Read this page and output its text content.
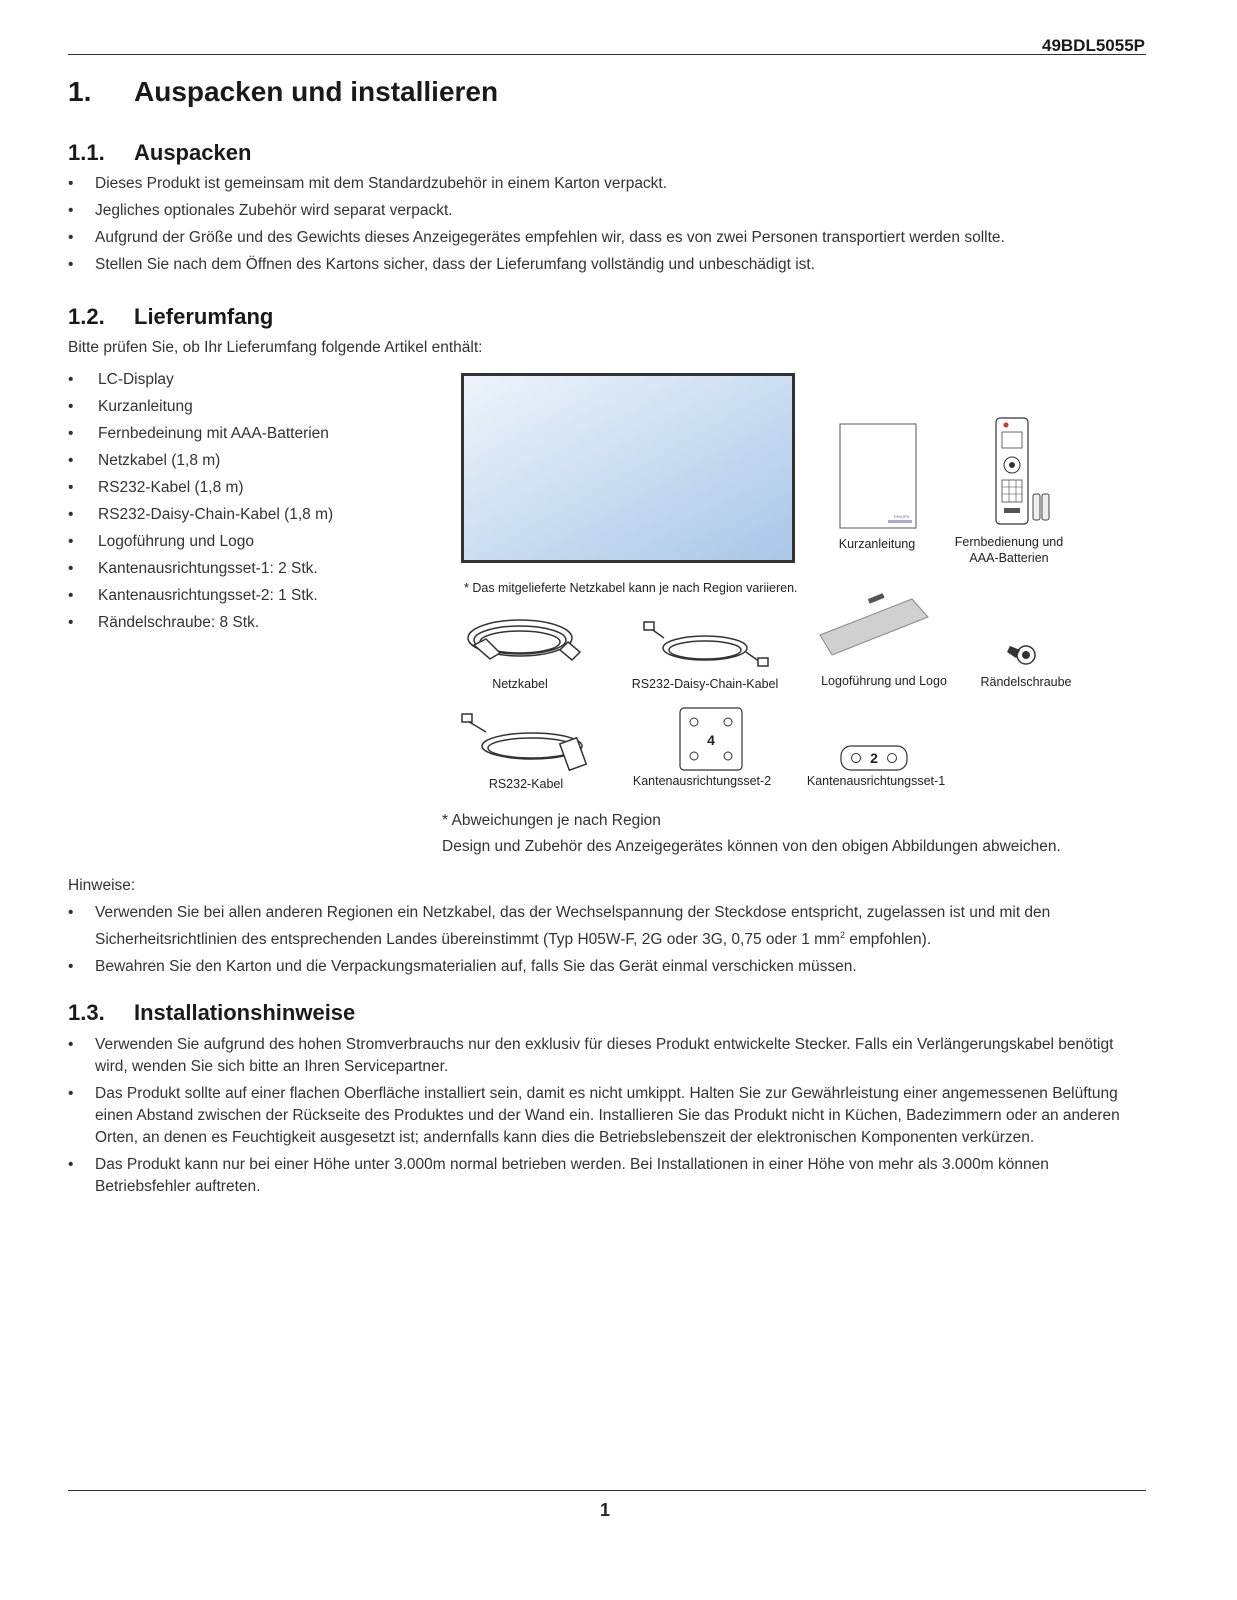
49BDL5055P
1. Auspacken und installieren
1.1. Auspacken
• Dieses Produkt ist gemeinsam mit dem Standardzubehör in einem Karton verpackt.
• Jegliches optionales Zubehör wird separat verpackt.
• Aufgrund der Größe und des Gewichts dieses Anzeigegerätes empfehlen wir, dass es von zwei Personen transportiert werden sollte.
• Stellen Sie nach dem Öffnen des Kartons sicher, dass der Lieferumfang vollständig und unbeschädigt ist.
1.2. Lieferumfang
Bitte prüfen Sie, ob Ihr Lieferumfang folgende Artikel enthält:
• LC-Display
• Kurzanleitung
• Fernbedeinung mit AAA-Batterien
• Netzkabel (1,8 m)
• RS232-Kabel (1,8 m)
• RS232-Daisy-Chain-Kabel (1,8 m)
• Logoführung und Logo
• Kantenausrichtungsset-1: 2 Stk.
• Kantenausrichtungsset-2: 1 Stk.
• Rändelschraube: 8 Stk.
PHILIPS
4
2
Kurzanleitung	Fernbedienung und
AAA-Batterien
* Das mitgelieferte Netzkabel kann je nach Region variieren.
Netzkabel	RS232-Daisy-Chain-Kabel	Logoführung und Logo	Rändelschraube
RS232-Kabel	Kantenausrichtungsset-2	Kantenausrichtungsset-1
* Abweichungen je nach Region
Design und Zubehör des Anzeigegerätes können von den obigen Abbildungen abweichen.
Hinweise:
• Verwenden Sie bei allen anderen Regionen ein Netzkabel, das der Wechselspannung der Steckdose entspricht, zugelassen ist und mit den
Sicherheitsrichtlinien des entsprechenden Landes übereinstimmt (Typ H05W-F, 2G oder 3G, 0,75 oder 1 $mm^2$ empfohlen).
• Bewahren Sie den Karton und die Verpackungsmaterialien auf, falls Sie das Gerät einmal verschicken müssen.
1.3. Installationshinweise
• Verwenden Sie aufgrund des hohen Stromverbrauchs nur den exklusiv für dieses Produkt entwickelte Stecker. Falls ein Verlängerungskabel benötigt wird, wenden Sie sich bitte an Ihren Servicepartner.
• Das Produkt sollte auf einer flachen Oberfläche installiert sein, damit es nicht umkippt. Halten Sie zur Gewährleistung einer angemessenen Belüftung einen Abstand zwischen der Rückseite des Produktes und der Wand ein. Installieren Sie das Produkt nicht in Küchen, Badezimmern oder an anderen Orten, an denen es Feuchtigkeit ausgesetzt ist; andernfalls kann dies die Betriebslebenszeit der elektronischen Komponenten verkürzen.
• Das Produkt kann nur bei einer Höhe unter 3.000m normal betrieben werden. Bei Installationen in einer Höhe von mehr als 3.000m können Betriebsfehler auftreten.
1
